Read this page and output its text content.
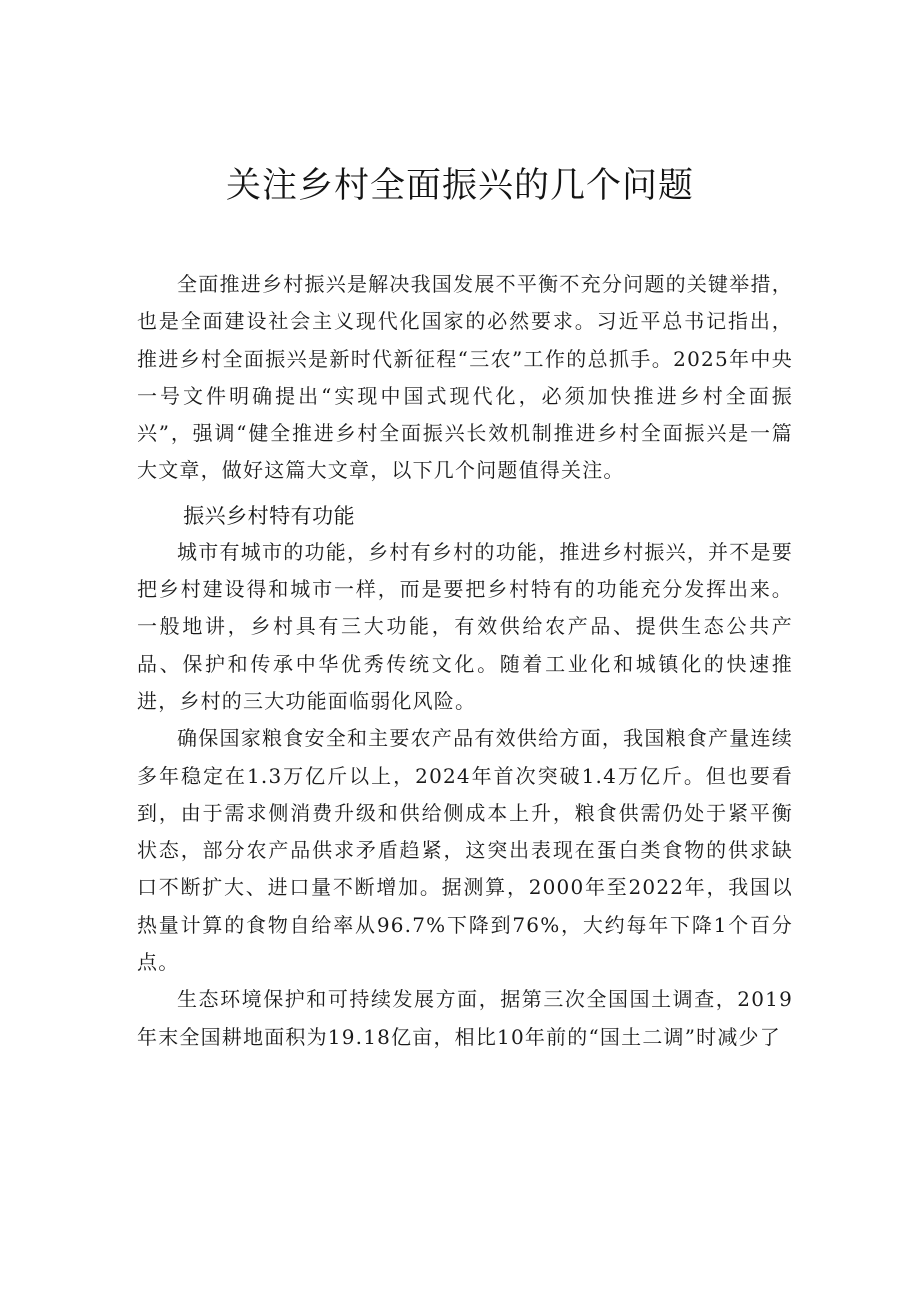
关注乡村全面振兴的几个问题

全面推进乡村振兴是解决我国发展不平衡不充分问题的关键举措，也是全面建设社会主义现代化国家的必然要求。习近平总书记指出，推进乡村全面振兴是新时代新征程“三农”工作的总抓手。2025年中央一号文件明确提出“实现中国式现代化，必须加快推进乡村全面振兴”，强调“健全推进乡村全面振兴长效机制推进乡村全面振兴是一篇大文章，做好这篇大文章，以下几个问题值得关注。

振兴乡村特有功能

城市有城市的功能，乡村有乡村的功能，推进乡村振兴，并不是要把乡村建设得和城市一样，而是要把乡村特有的功能充分发挥出来。一般地讲，乡村具有三大功能，有效供给农产品、提供生态公共产品、保护和传承中华优秀传统文化。随着工业化和城镇化的快速推进，乡村的三大功能面临弱化风险。

确保国家粮食安全和主要农产品有效供给方面，我国粮食产量连续多年稳定在1.3万亿斤以上，2024年首次突破1.4万亿斤。但也要看到，由于需求侧消费升级和供给侧成本上升，粮食供需仍处于紧平衡状态，部分农产品供求矛盾趋紧，这突出表现在蛋白类食物的供求缺口不断扩大、进口量不断增加。据测算，2000年至2022年，我国以热量计算的食物自给率从96.7%下降到76%，大约每年下降1个百分点。

生态环境保护和可持续发展方面，据第三次全国国土调查，2019年末全国耕地面积为19.18亿亩，相比10年前的“国土二调”时减少了
